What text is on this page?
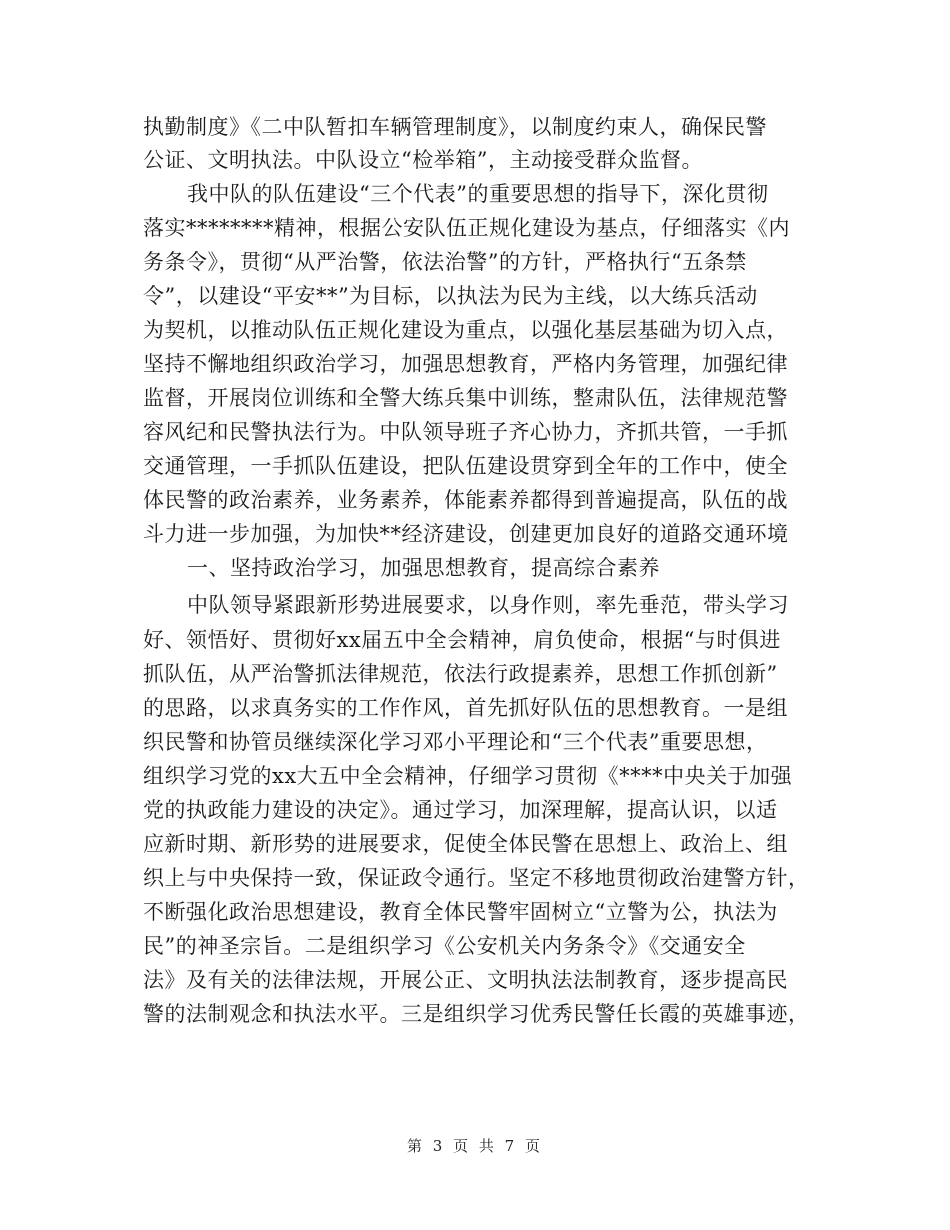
执勤制度》《二中队暂扣车辆管理制度》，以制度约束人，确保民警
公证、文明执法。中队设立“检举箱”，主动接受群众监督。
我中队的队伍建设“三个代表”的重要思想的指导下，深化贯彻
落实********精神，根据公安队伍正规化建设为基点，仔细落实《内
务条令》，贯彻“从严治警，依法治警”的方针，严格执行“五条禁
令”，以建设“平安**”为目标，以执法为民为主线，以大练兵活动
为契机，以推动队伍正规化建设为重点，以强化基层基础为切入点，
坚持不懈地组织政治学习，加强思想教育，严格内务管理，加强纪律
监督，开展岗位训练和全警大练兵集中训练，整肃队伍，法律规范警
容风纪和民警执法行为。中队领导班子齐心协力，齐抓共管，一手抓
交通管理，一手抓队伍建设，把队伍建设贯穿到全年的工作中，使全
体民警的政治素养，业务素养，体能素养都得到普遍提高，队伍的战
斗力进一步加强，为加快**经济建设，创建更加良好的道路交通环境
一、坚持政治学习，加强思想教育，提高综合素养
中队领导紧跟新形势进展要求，以身作则，率先垂范，带头学习
好、领悟好、贯彻好xx届五中全会精神，肩负使命，根据“与时俱进
抓队伍，从严治警抓法律规范，依法行政提素养，思想工作抓创新”
的思路，以求真务实的工作作风，首先抓好队伍的思想教育。一是组
织民警和协管员继续深化学习邓小平理论和“三个代表”重要思想，
组织学习党的xx大五中全会精神，仔细学习贯彻《****中央关于加强
党的执政能力建设的决定》。通过学习，加深理解，提高认识，以适
应新时期、新形势的进展要求，促使全体民警在思想上、政治上、组
织上与中央保持一致，保证政令通行。坚定不移地贯彻政治建警方针，
不断强化政治思想建设，教育全体民警牢固树立“立警为公，执法为
民”的神圣宗旨。二是组织学习《公安机关内务条令》《交通安全
法》及有关的法律法规，开展公正、文明执法法制教育，逐步提高民
警的法制观念和执法水平。三是组织学习优秀民警任长霞的英雄事迹，
第 3 页 共 7 页
